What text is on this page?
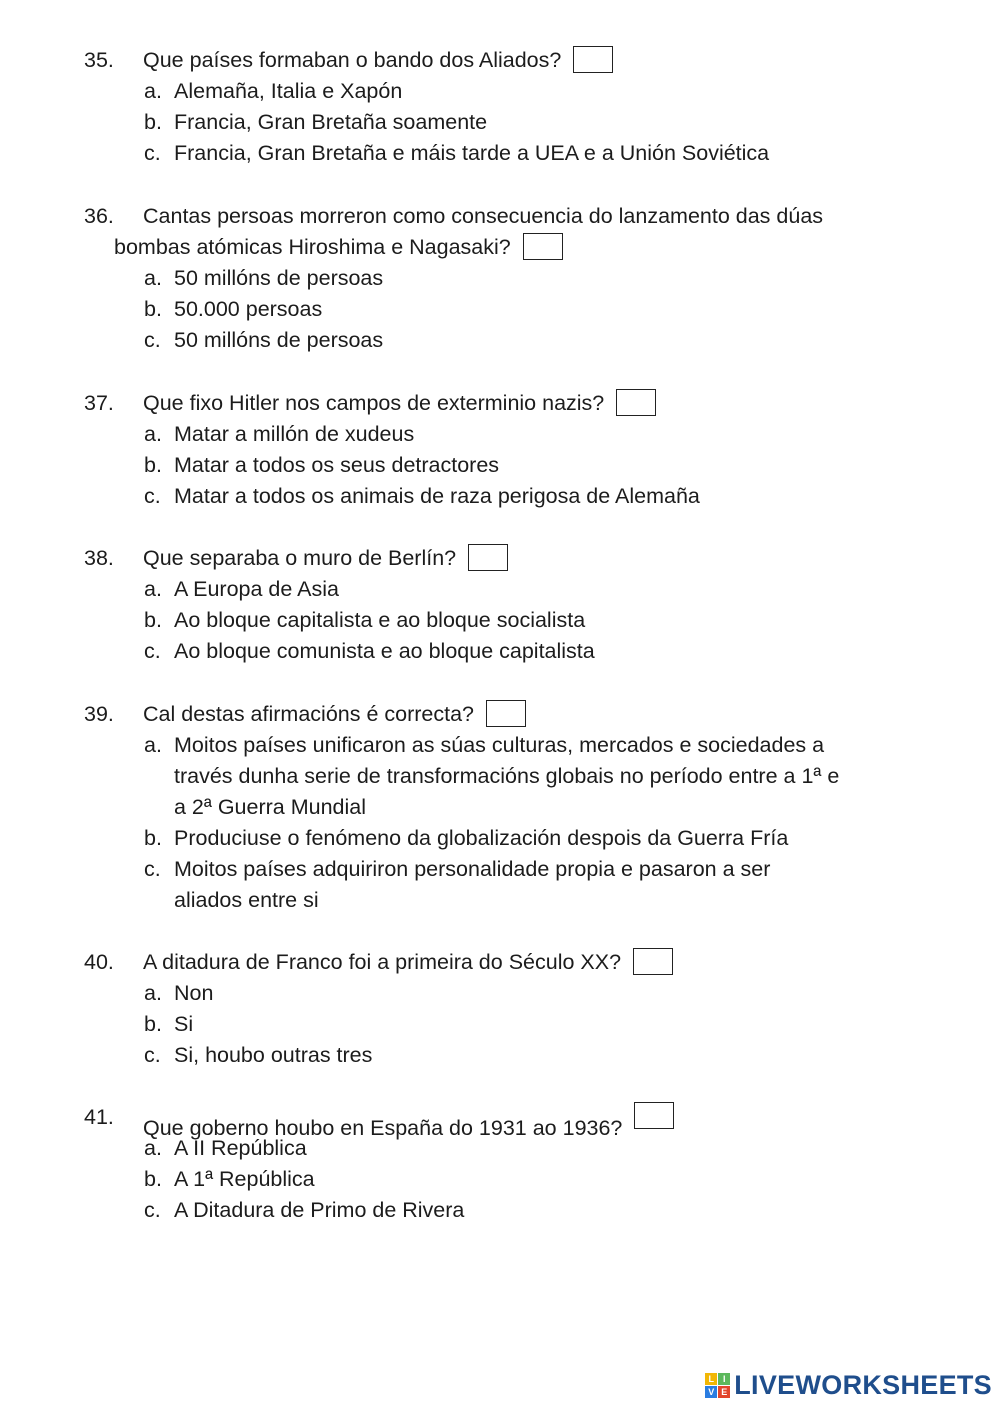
35. Que países formaban o bando dos Aliados?
a. Alemaña, Italia e Xapón
b. Francia, Gran Bretaña soamente
c. Francia, Gran Bretaña e máis tarde a UEA e a Unión Soviética
36. Cantas persoas morreron como consecuencia do lanzamento das dúas
bombas atómicas Hiroshima e Nagasaki?
a. 50 millóns de persoas
b. 50.000 persoas
c. 50 millóns de persoas
37. Que fixo Hitler nos campos de exterminio nazis?
a. Matar a millón de xudeus
b. Matar a todos os seus detractores
c. Matar a todos os animais de raza perigosa de Alemaña
38. Que separaba o muro de Berlín?
a. A Europa de Asia
b. Ao bloque capitalista e ao bloque socialista
c. Ao bloque comunista e ao bloque capitalista
39. Cal destas afirmacións é correcta?
a. Moitos países unificaron as súas culturas, mercados e sociedades a
través dunha serie de transformacións globais no período entre a 1ª e
a 2ª Guerra Mundial
b. Produciuse o fenómeno da globalización despois da Guerra Fría
c. Moitos países adquiriron personalidade propia e pasaron a ser
aliados entre si
40. A ditadura de Franco foi a primeira do Século XX?
a. Non
b. Si
c. Si, houbo outras tres
41. Que goberno houbo en España do 1931 ao 1936?
a. A II República
b. A 1ª República
c. A Ditadura de Primo de Rivera
L I
V E LIVEWORKSHEETS
